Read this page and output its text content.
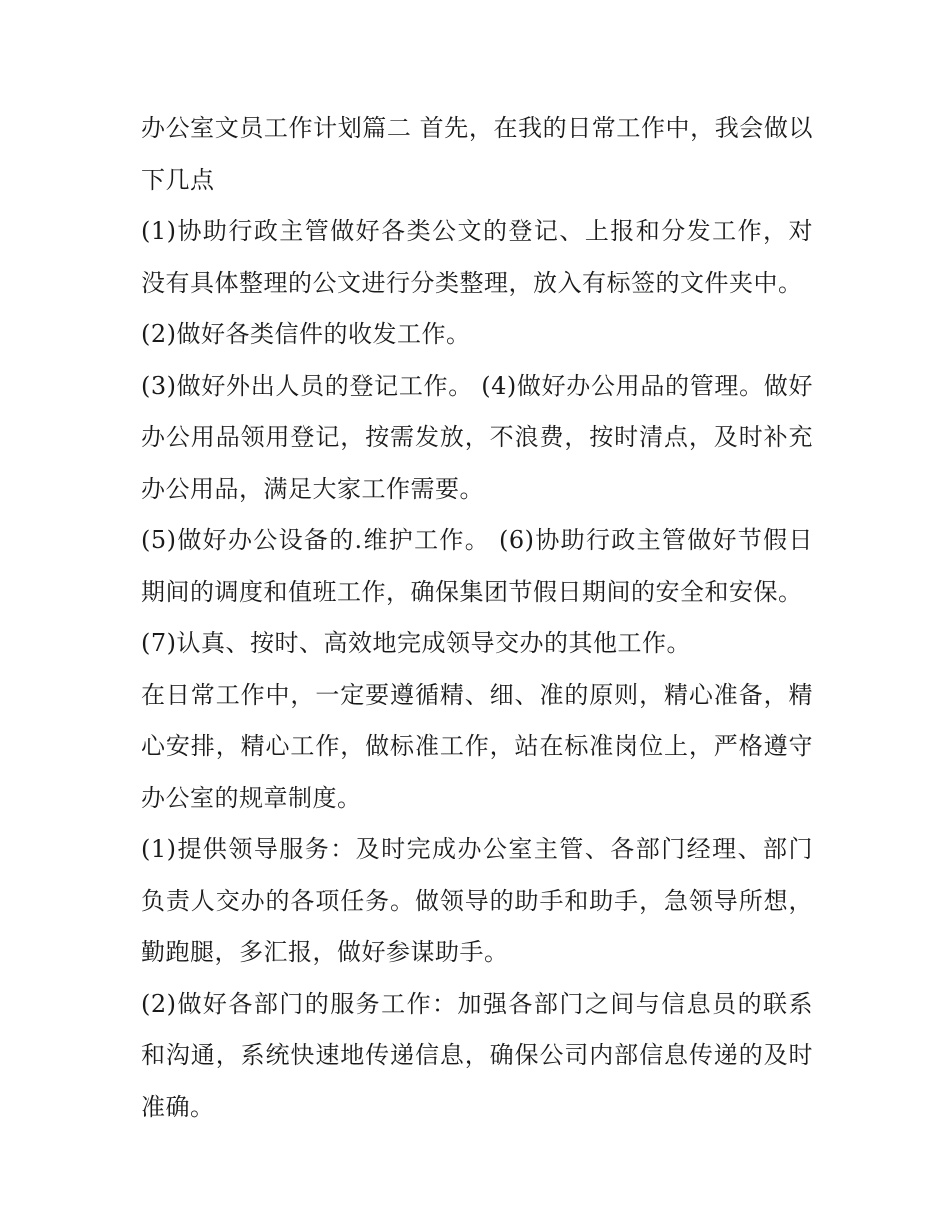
办公室文员工作计划篇二 首先，在我的日常工作中，我会做以下几点

(1)协助行政主管做好各类公文的登记、上报和分发工作，对没有具体整理的公文进行分类整理，放入有标签的文件夹中。

(2)做好各类信件的收发工作。

(3)做好外出人员的登记工作。 (4)做好办公用品的管理。做好办公用品领用登记，按需发放，不浪费，按时清点，及时补充办公用品，满足大家工作需要。

(5)做好办公设备的.维护工作。 (6)协助行政主管做好节假日期间的调度和值班工作，确保集团节假日期间的安全和安保。

(7)认真、按时、高效地完成领导交办的其他工作。

在日常工作中，一定要遵循精、细、准的原则，精心准备，精心安排，精心工作，做标准工作，站在标准岗位上，严格遵守办公室的规章制度。

(1)提供领导服务：及时完成办公室主管、各部门经理、部门负责人交办的各项任务。做领导的助手和助手，急领导所想，勤跑腿，多汇报，做好参谋助手。

(2)做好各部门的服务工作：加强各部门之间与信息员的联系和沟通，系统快速地传递信息，确保公司内部信息传递的及时准确。
